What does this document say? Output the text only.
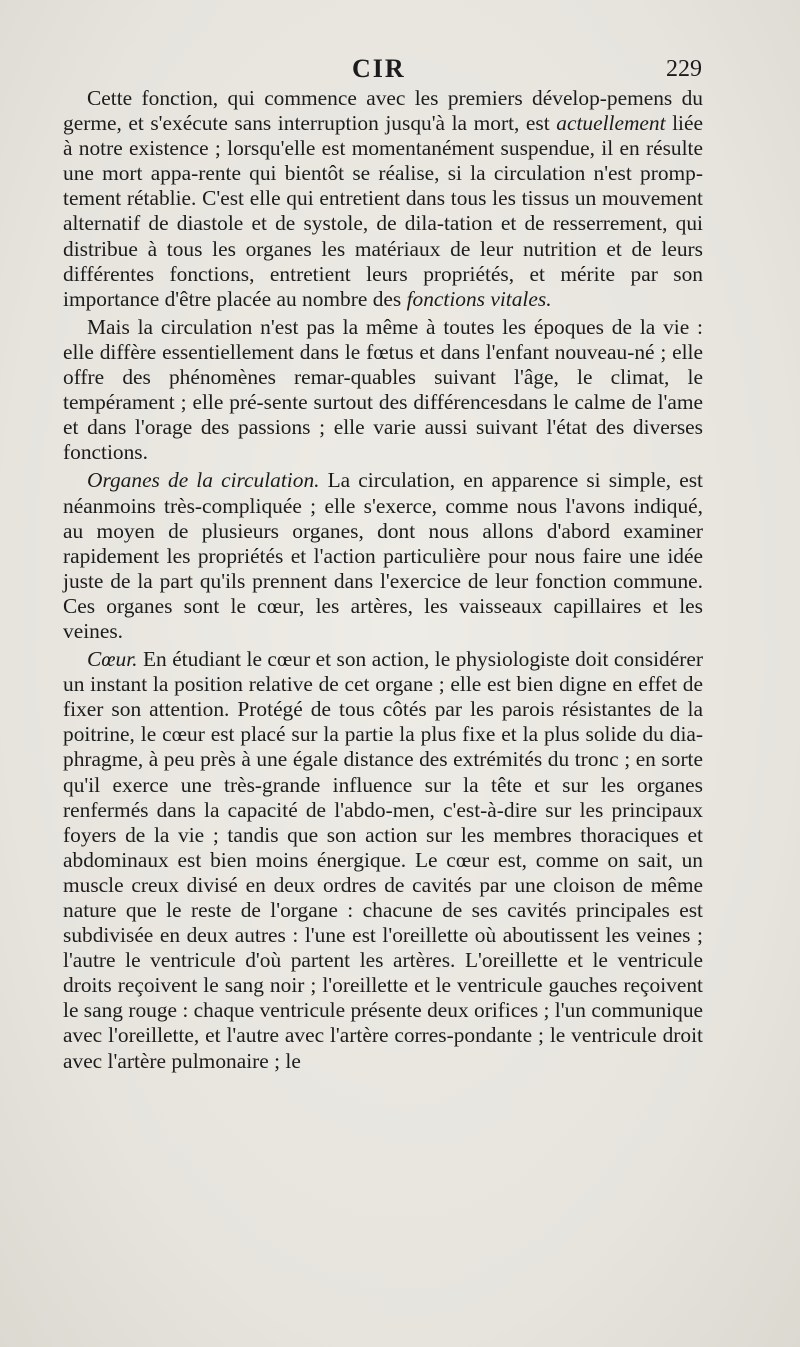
CIR	229

Cette fonction, qui commence avec les premiers dévelop-pemens du germe, et s'exécute sans interruption jusqu'à la mort, est actuellement liée à notre existence ; lorsqu'elle est momentanément suspendue, il en résulte une mort appa-rente qui bientôt se réalise, si la circulation n'est promp-tement rétablie. C'est elle qui entretient dans tous les tissus un mouvement alternatif de diastole et de systole, de dila-tation et de resserrement, qui distribue à tous les organes les matériaux de leur nutrition et de leurs différentes fonctions, entretient leurs propriétés, et mérite par son importance d'être placée au nombre des fonctions vitales.

Mais la circulation n'est pas la même à toutes les époques de la vie : elle diffère essentiellement dans le fœtus et dans l'enfant nouveau-né ; elle offre des phénomènes remar-quables suivant l'âge, le climat, le tempérament ; elle pré-sente surtout des différencesdans le calme de l'ame et dans l'orage des passions ; elle varie aussi suivant l'état des diverses fonctions.

Organes de la circulation. La circulation, en apparence si simple, est néanmoins très-compliquée ; elle s'exerce, comme nous l'avons indiqué, au moyen de plusieurs organes, dont nous allons d'abord examiner rapidement les propriétés et l'action particulière pour nous faire une idée juste de la part qu'ils prennent dans l'exercice de leur fonction commune. Ces organes sont le cœur, les artères, les vaisseaux capillaires et les veines.

Cœur. En étudiant le cœur et son action, le physiologiste doit considérer un instant la position relative de cet organe ; elle est bien digne en effet de fixer son attention. Protégé de tous côtés par les parois résistantes de la poitrine, le cœur est placé sur la partie la plus fixe et la plus solide du dia-phragme, à peu près à une égale distance des extrémités du tronc ; en sorte qu'il exerce une très-grande influence sur la tête et sur les organes renfermés dans la capacité de l'abdo-men, c'est-à-dire sur les principaux foyers de la vie ; tandis que son action sur les membres thoraciques et abdominaux est bien moins énergique. Le cœur est, comme on sait, un muscle creux divisé en deux ordres de cavités par une cloison de même nature que le reste de l'organe : chacune de ses cavités principales est subdivisée en deux autres : l'une est l'oreillette où aboutissent les veines ; l'autre le ventricule d'où partent les artères. L'oreillette et le ventricule droits reçoivent le sang noir ; l'oreillette et le ventricule gauches reçoivent le sang rouge : chaque ventricule présente deux orifices ; l'un communique avec l'oreillette, et l'autre avec l'artère corres-pondante ; le ventricule droit avec l'artère pulmonaire ; le
